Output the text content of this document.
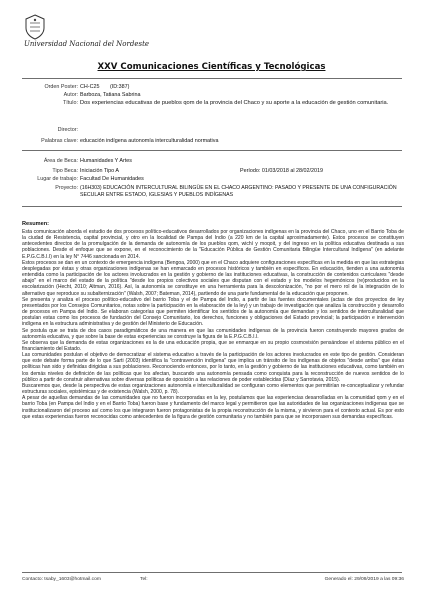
Universidad Nacional del Nordeste
XXV Comunicaciones Científicas y Tecnológicas
Orden Poster: CH-C25 (ID:387)
Autor: Barboza, Tatiana Sabrina
Título: Dos experiencias educativas de pueblos qom de la provincia del Chaco y su aporte a la educación de gestión comunitaria.
Director:
Palabras clave: educación indígena autonomía interculturalidad normativa
Área de Beca: Humanidades Y Artes
Tipo Beca: Iniciación Tipo A	Período: 01/03/2018 al 28/02/2019
Lugar de trabajo: Facultad De Humanidades
Proyecto: (16H303) EDUCACIÓN INTERCULTURAL BILINGÜE EN EL CHACO ARGENTINO: PASADO Y PRESENTE DE UNA CONFIGURACIÓN SECULAR ENTRE ESTADO, IGLESIAS Y PUEBLOS INDÍGENAS
Resumen:

Esta comunicación aborda el estudio de dos procesos político-educativos desarrollados por organizaciones indígenas en la provincia del Chaco, uno en el Barrio Toba de la ciudad de Resistencia, capital provincial, y otro en la localidad de Pampa del Indio (a 220 km de la capital aproximadamente). Estos procesos se constituyen antecedentes directos de la promulgación de la demanda de autonomía de los pueblos qom, wichí y moqoit, y del ingreso en la política educativa destinada a sus poblaciones. Desde el enfoque que se expone, en el reconocimiento de la "Educación Pública de Gestión Comunitaria Bilingüe Intercultural Indígena" (en adelante E.P.G.C.B.I.I) en la ley N° 7446 sancionada en 2014.

Estos procesos se dan en un contexto de emergencia indígena (Bengoa, 2000) que en el Chaco adquiere configuraciones específicas en la medida en que las estrategias desplegadas por éstas y otras organizaciones indígenas se han enmarcado en procesos históricos y también en específicos. En educación, tienden a una autonomía entendida como la participación de los actores involucrados en la gestión y gobierno de las instituciones educativas, la construcción de contenidos curriculares "desde abajo" en el marco del estado de la política "desde los propios colectivos sociales que disputan con el estado y los modelos hegemónicos (re)producidos en la escolarización (Hecht, 2010; Altman, 2016). Así, la autonomía se constituye en una herramienta para la descolonización, "no por el mero rol de la integración de lo alternativo que reproduce su subalternización" (Walsh, 2007; Bateman, 2014), partiendo de una parte fundamental de la educación que proponen.

Se presenta y analiza el proceso político-educativo del barrio Toba y el de Pampa del Indio, a partir de las fuentes documentales (actas de dos proyectos de ley presentados por los Consejos Comunitarios, notas sobre la participación en la elaboración de la ley) y un trabajo de investigación que analiza la construcción y desarrollo de procesos en Pampa del Indio. Se elaboran categorías que permiten identificar los sentidos de la autonomía que demandan y los sentidos de interculturalidad que postulan estas como los procesos de fundación del Consejo Comunitario, los derechos, funciones y obligaciones del Estado provincial; la participación e intervención indígena en la estructura administrativa y de gestión del Ministerio de Educación.

Se postula que se trata de dos casos paradigmáticos de una manera en que las comunidades indígenas de la provincia fueron construyendo mayores grados de autonomía educativa, y que sobre la base de estas experiencias se construye la figura de la E.P.G.C.B.I.I.

Se observa que la demanda de estas organizaciones es la de una educación propia, que se enmarque en su propio cosmovisión pensándose el sistema público en el financiamiento del Estado.

Las comunidades postulan el objetivo de democratizar el sistema educativo a través de la participación de los actores involucrados en este tipo de gestión. Consideran que este debate forma parte de lo que Sarti (2003) identifica la "contravención indígena" que implica un tránsito de los indígenas de objetos "desde arriba" que éstas políticas han sido y definidas dirigidas a sus poblaciones. Reconociendo entonces, por lo tanto, en la gestión y gobierno de las instituciones educativas, como también en los demás niveles de definición de las políticas que los afectan, buscando una autonomía pensada como conquista para la reconstrucción de nuevos sentidos de lo público a partir de construir alternativas sobre diversas políticas de oposición a las relaciones de poder establecidas (Díaz y Sarrotavia, 2015).

Buscaremos que, desde la perspectiva de estas organizaciones autonomía e interculturalidad se configuran como elementos que permitirían re-conceptualizar y refundar estructuras sociales, epistémicas y de existencia (Walsh, 2000, p. 78).

A pesar de aquellas demandas de las comunidades que no fueron incorporadas en la ley, postulamos que las experiencias desarrolladas en la comunidad qom y en el barrio Toba (en Pampa del Indio y en el Barrio Toba) fueron base y fundamento del marco legal y permitieron que las autoridades de las organizaciones indígenas que se institucionalizaron del proceso así como los que integraron fueron protagonistas de la propia reconstrucción de la misma, y sirvieron para el contexto actual. Es por esto que estas experiencias fueron reconocidas como antecedentes de la figura de gestión comunitaria y no también para que se incorporasen sus demandas específicas.

Contacto: tsaby_1603@hotmail.com	Tel:	Generado el: 29/09/2019 a las 09:36
